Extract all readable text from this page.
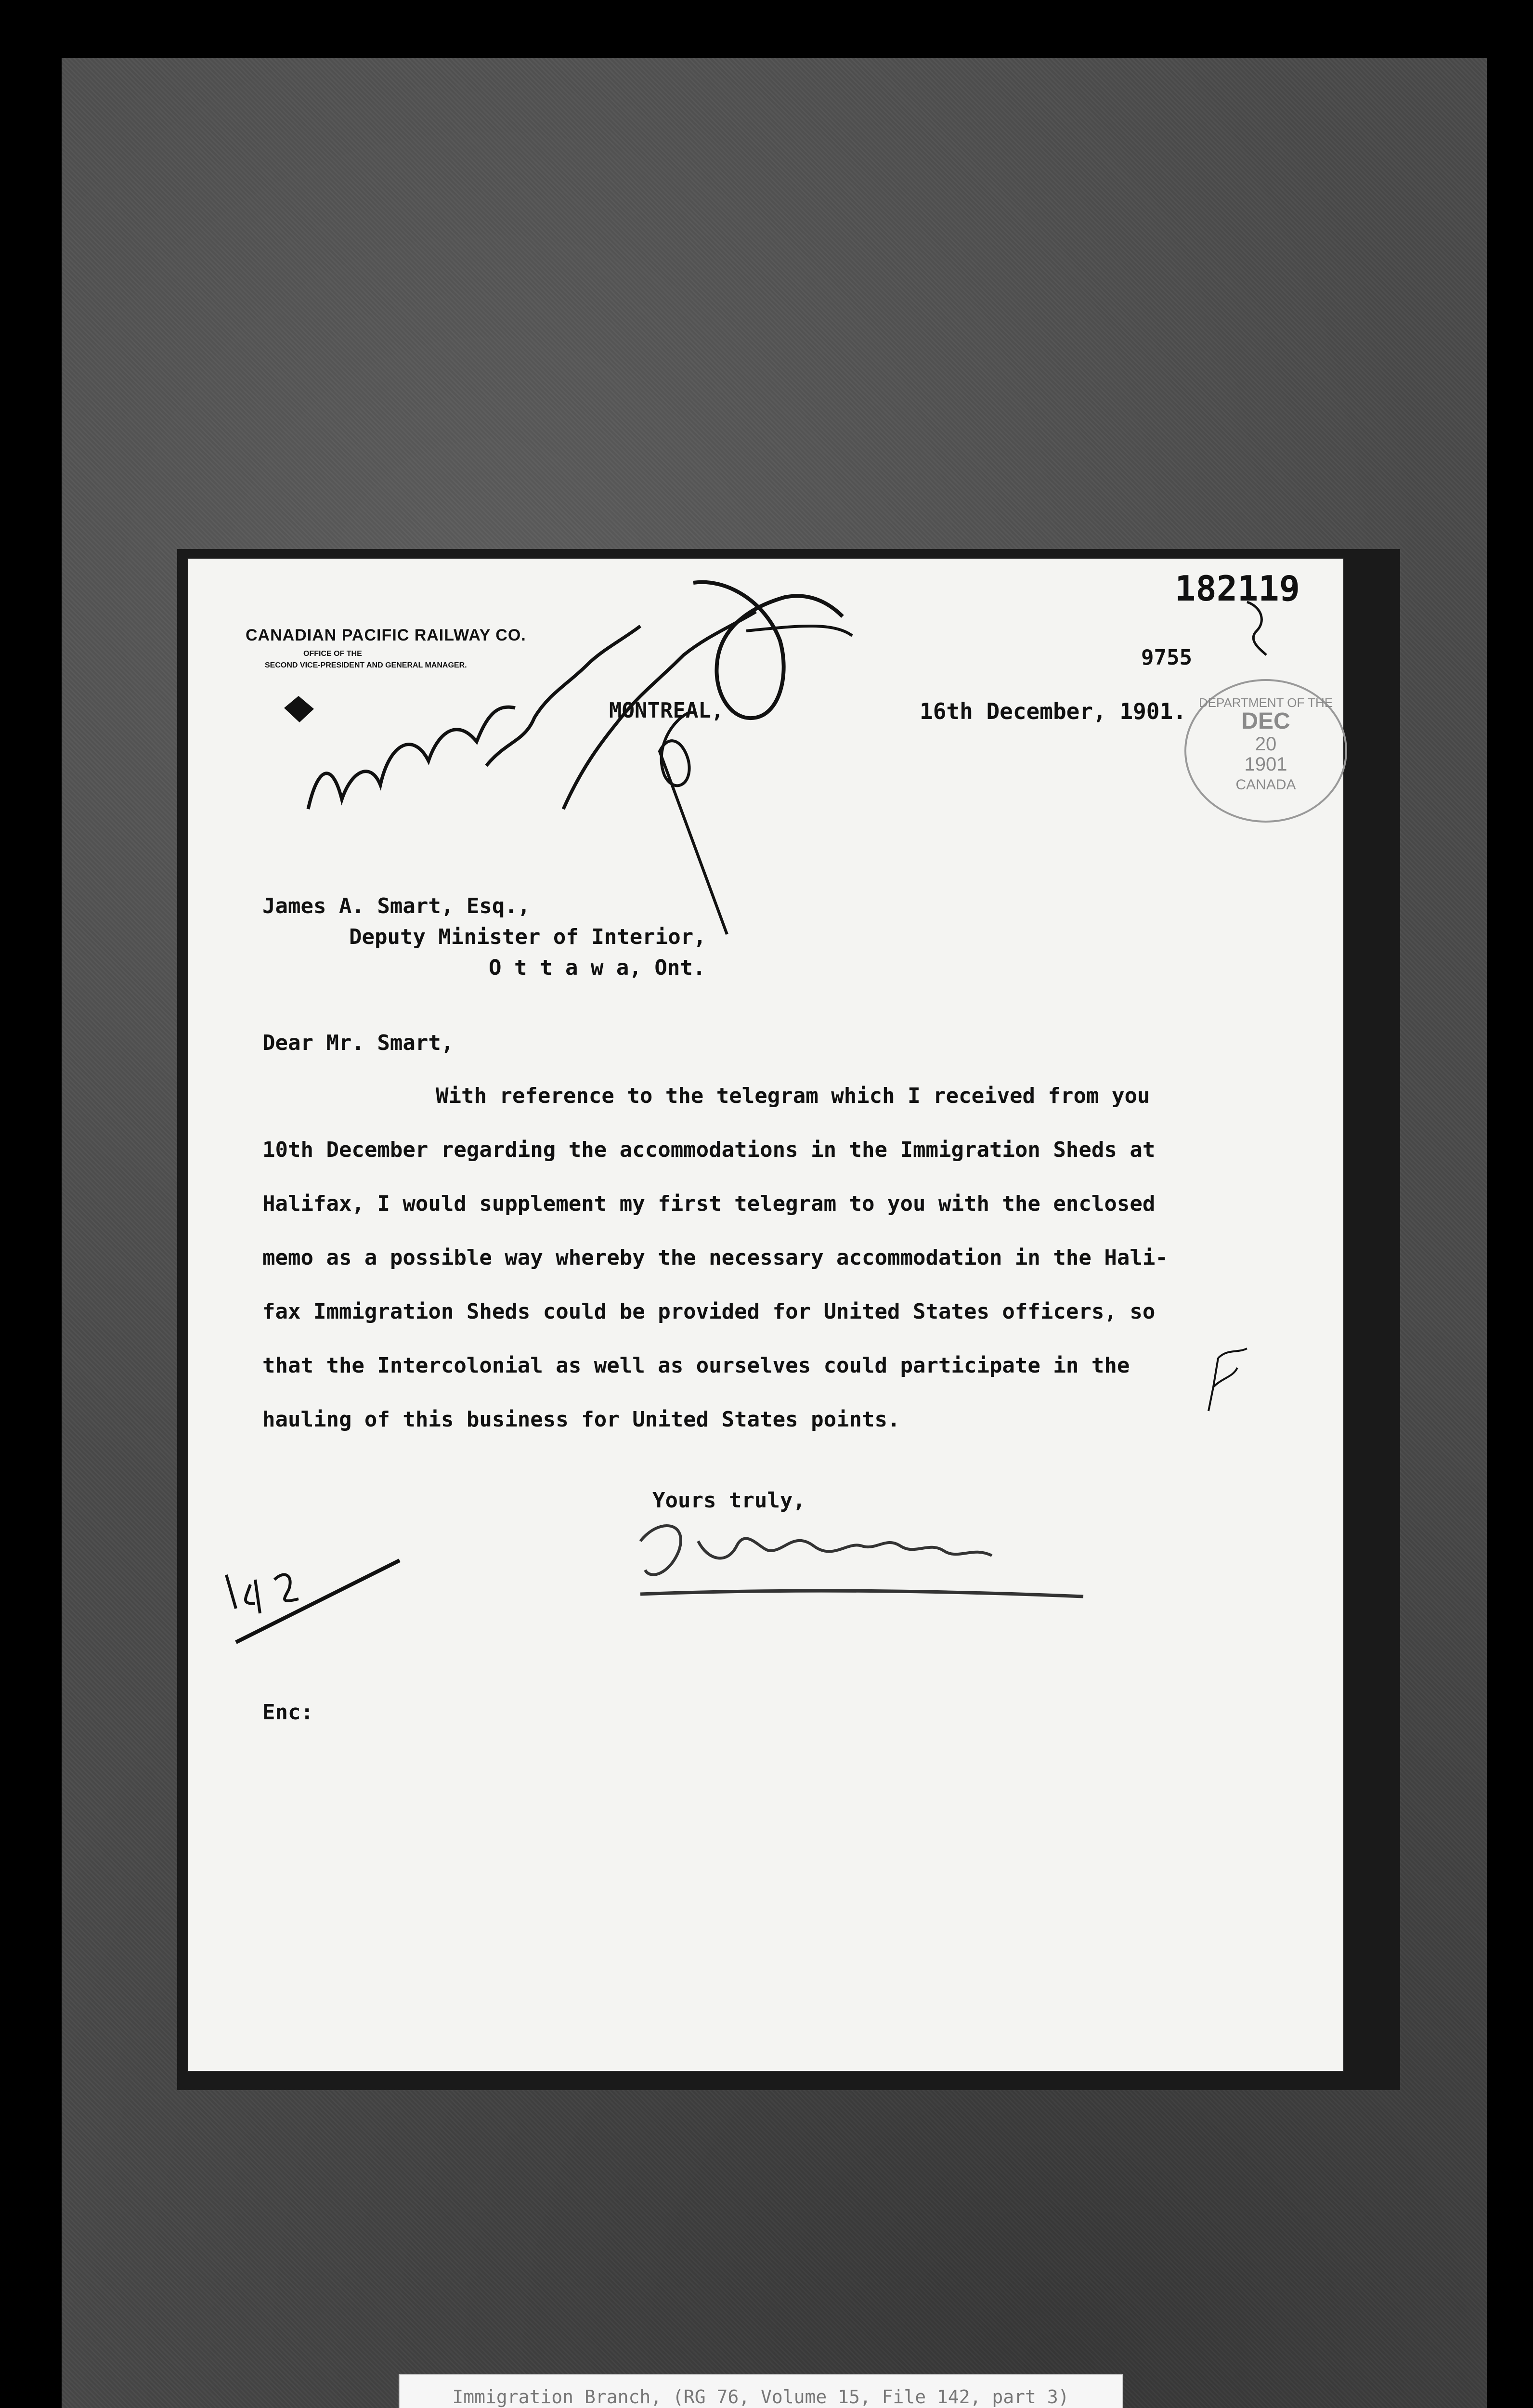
CANADIAN PACIFIC RAILWAY CO.
OFFICE OF THE
SECOND VICE-PRESIDENT AND GENERAL MANAGER.
182119
9755
MONTREAL,	16th December, 1901. DEPARTMENT OF THE
DEC
20
1901
CANADA
James A. Smart, Esq.,
Deputy Minister of Interior,
O t t a w a, Ont.
Dear Mr. Smart,
With reference to the telegram which I received from you
10th December regarding the accommodations in the Immigration Sheds at
Halifax, I would supplement my first telegram to you with the enclosed
memo as a possible way whereby the necessary accommodation in the Hali-
fax Immigration Sheds could be provided for United States officers, so
that the Intercolonial as well as ourselves could participate in the
hauling of this business for United States points.
Yours truly,
Enc:
Immigration Branch, (RG 76, Volume 15, File 142, part 3)
